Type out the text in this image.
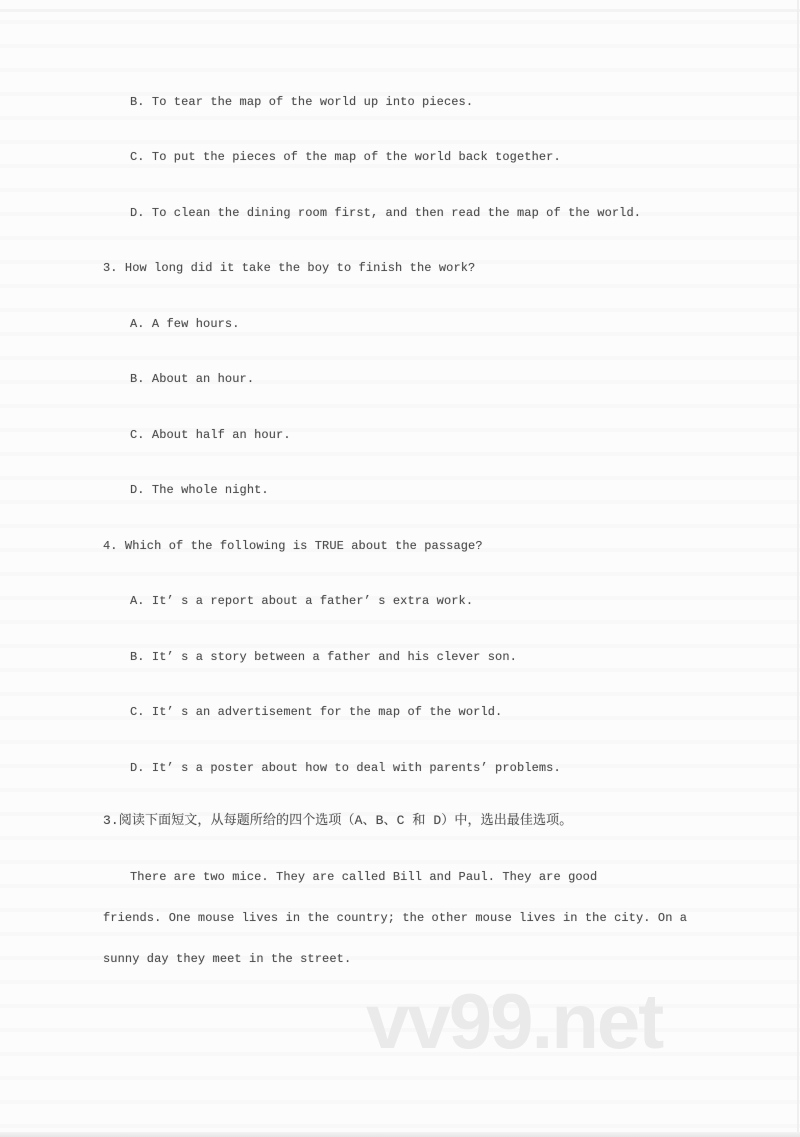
B. To tear the map of the world up into pieces.
C. To put the pieces of the map of the world back together.
D. To clean the dining room first, and then read the map of the world.
3. How long did it take the boy to finish the work?
A. A few hours.
B. About an hour.
C. About half an hour.
D. The whole night.
4. Which of the following is TRUE about the passage?
A. It’ s a report about a father’ s extra work.
B. It’ s a story between a father and his clever son.
C. It’ s an advertisement for the map of the world.
D. It’ s a poster about how to deal with parents’ problems.
3.阅读下面短文，从每题所给的四个选项（A、B、C 和 D）中，选出最佳选项。
There are two mice. They are called Bill and Paul. They are good
friends. One mouse lives in the country; the other mouse lives in the city. On a
sunny day they meet in the street.
vv99.net
